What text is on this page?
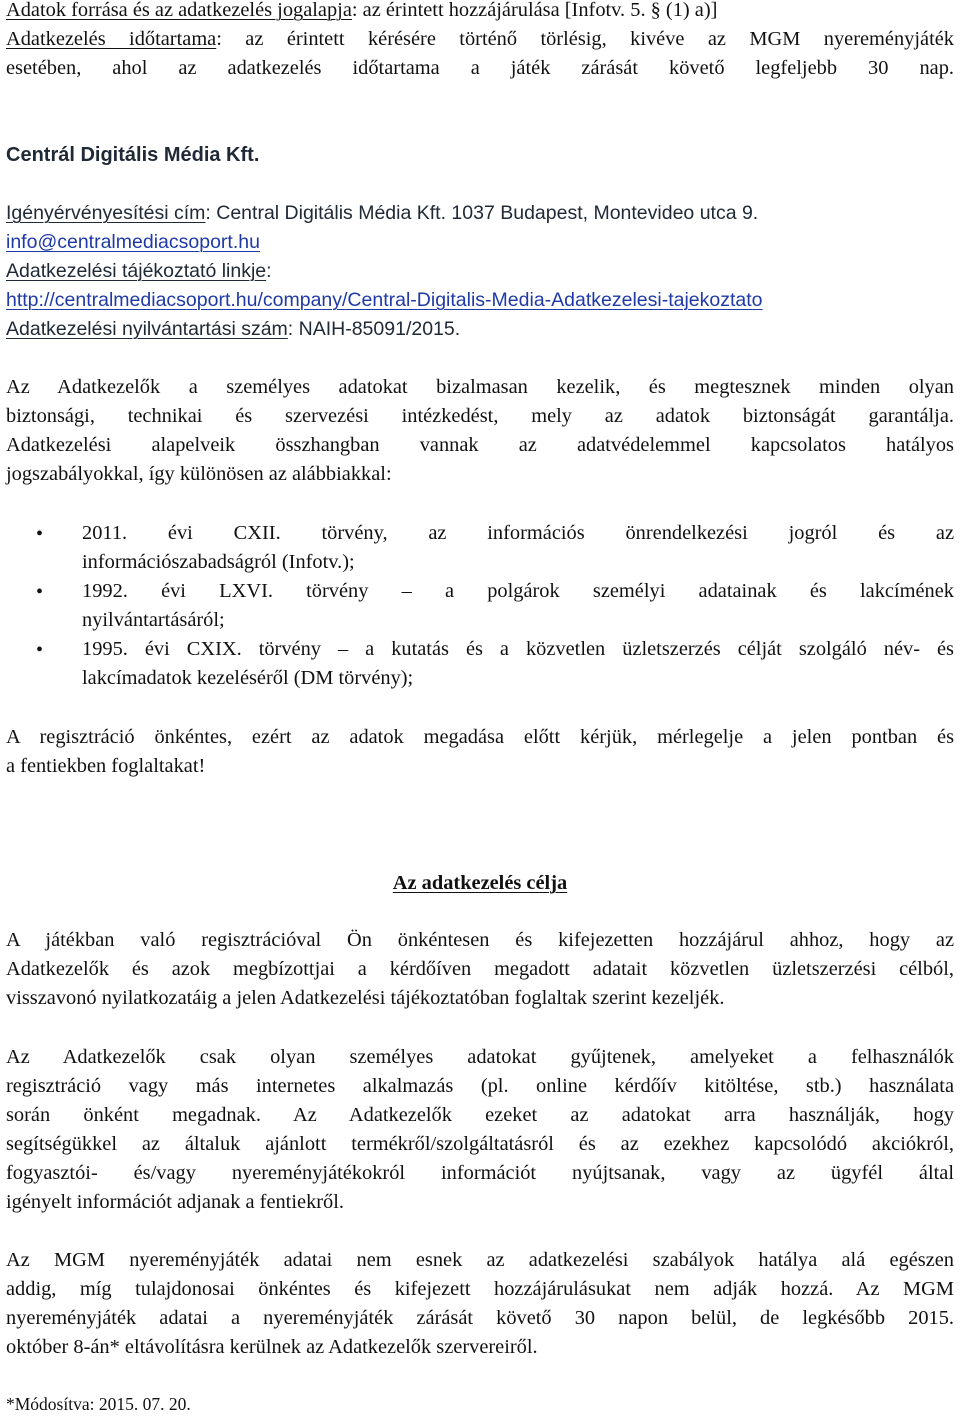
Adatok forrása és az adatkezelés jogalapja: az érintett hozzájárulása [Infotv. 5. § (1) a)]
Adatkezelés időtartama: az érintett kérésére történő törlésig, kivéve az MGM nyereményjáték
esetében, ahol az adatkezelés időtartama a játék zárását követő legfeljebb 30 nap.
Centrál Digitális Média Kft.
Igényérvényesítési cím: Central Digitális Média Kft. 1037 Budapest, Montevideo utca 9.
info@centralmediacsoport.hu
Adatkezelési tájékoztató linkje:
http://centralmediacsoport.hu/company/Central-Digitalis-Media-Adatkezelesi-tajekoztato
Adatkezelési nyilvántartási szám: NAIH-85091/2015.
Az Adatkezelők a személyes adatokat bizalmasan kezelik, és megtesznek minden olyan
biztonsági, technikai és szervezési intézkedést, mely az adatok biztonságát garantálja.
Adatkezelési alapelveik összhangban vannak az adatvédelemmel kapcsolatos hatályos
jogszabályokkal, így különösen az alábbiakkal:
• 2011. évi CXII. törvény, az információs önrendelkezési jogról és az
információszabadságról (Infotv.);
• 1992. évi LXVI. törvény – a polgárok személyi adatainak és lakcímének
nyilvántartásáról;
• 1995. évi CXIX. törvény – a kutatás és a közvetlen üzletszerzés célját szolgáló név- és
lakcímadatok kezeléséről (DM törvény);
A regisztráció önkéntes, ezért az adatok megadása előtt kérjük, mérlegelje a jelen pontban és
a fentiekben foglaltakat!
Az adatkezelés célja
A játékban való regisztrációval Ön önkéntesen és kifejezetten hozzájárul ahhoz, hogy az
Adatkezelők és azok megbízottjai a kérdőíven megadott adatait közvetlen üzletszerzési célból,
visszavonó nyilatkozatáig a jelen Adatkezelési tájékoztatóban foglaltak szerint kezeljék.
Az Adatkezelők csak olyan személyes adatokat gyűjtenek, amelyeket a felhasználók
regisztráció vagy más internetes alkalmazás (pl. online kérdőív kitöltése, stb.) használata
során önként megadnak. Az Adatkezelők ezeket az adatokat arra használják, hogy
segítségükkel az általuk ajánlott termékről/szolgáltatásról és az ezekhez kapcsolódó akciókról,
fogyasztói- és/vagy nyereményjátékokról információt nyújtsanak, vagy az ügyfél által
igényelt információt adjanak a fentiekről.
Az MGM nyereményjáték adatai nem esnek az adatkezelési szabályok hatálya alá egészen
addig, míg tulajdonosai önkéntes és kifejezett hozzájárulásukat nem adják hozzá. Az MGM
nyereményjáték adatai a nyereményjáték zárását követő 30 napon belül, de legkésőbb 2015.
október 8-án* eltávolításra kerülnek az Adatkezelők szervereiről.
*Módosítva: 2015. 07. 20.
